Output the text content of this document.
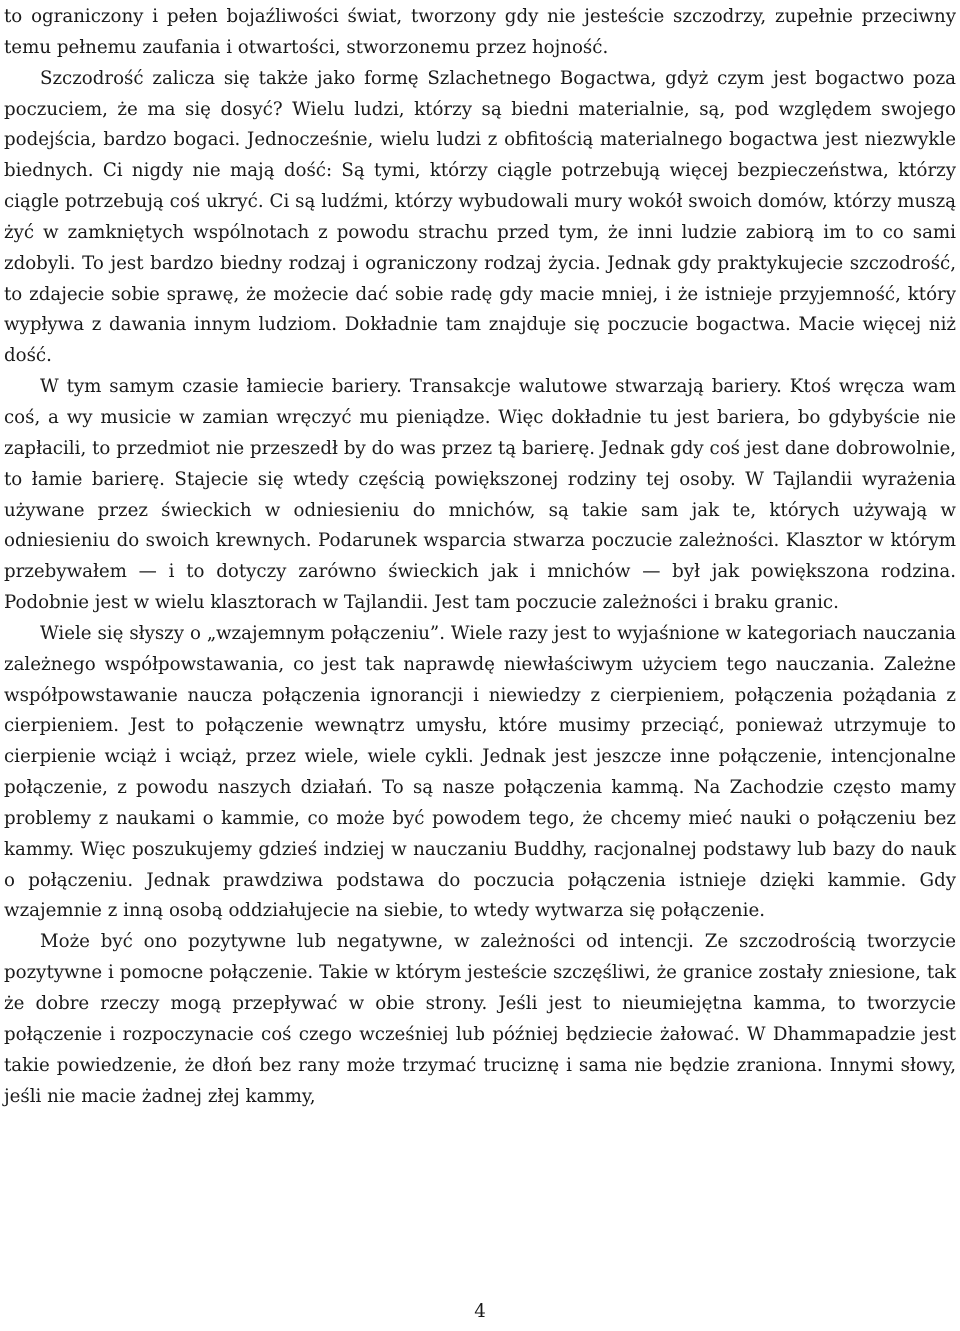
to ograniczony i pełen bojaźliwości świat, tworzony gdy nie jesteście szczodrzy, zupełnie przeciwny temu pełnemu zaufania i otwartości, stworzonemu przez hojność.

Szczodrość zalicza się także jako formę Szlachetnego Bogactwa, gdyż czym jest bogactwo poza poczuciem, że ma się dosyć? Wielu ludzi, którzy są biedni materialnie, są, pod względem swojego podejścia, bardzo bogaci. Jednocześnie, wielu ludzi z obfitością materialnego bogactwa jest niezwykle biednych. Ci nigdy nie mają dość: Są tymi, którzy ciągle potrzebują więcej bezpieczeństwa, którzy ciągle potrzebują coś ukryć. Ci są ludźmi, którzy wybudowali mury wokół swoich domów, którzy muszą żyć w zamkniętych wspólnotach z powodu strachu przed tym, że inni ludzie zabiorą im to co sami zdobyli. To jest bardzo biedny rodzaj i ograniczony rodzaj życia. Jednak gdy praktykujecie szczodrość, to zdajecie sobie sprawę, że możecie dać sobie radę gdy macie mniej, i że istnieje przyjemność, który wypływa z dawania innym ludziom. Dokładnie tam znajduje się poczucie bogactwa. Macie więcej niż dość.

W tym samym czasie łamiecie bariery. Transakcje walutowe stwarzają bariery. Ktoś wręcza wam coś, a wy musicie w zamian wręczyć mu pieniądze. Więc dokładnie tu jest bariera, bo gdybyście nie zapłacili, to przedmiot nie przeszedł by do was przez tą barierę. Jednak gdy coś jest dane dobrowolnie, to łamie barierę. Stajecie się wtedy częścią powiększonej rodziny tej osoby. W Tajlandii wyrażenia używane przez świeckich w odniesieniu do mnichów, są takie sam jak te, których używają w odniesieniu do swoich krewnych. Podarunek wsparcia stwarza poczucie zależności. Klasztor w którym przebywałem — i to dotyczy zarówno świeckich jak i mnichów — był jak powiększona rodzina. Podobnie jest w wielu klasztorach w Tajlandii. Jest tam poczucie zależności i braku granic.

Wiele się słyszy o „wzajemnym połączeniu”. Wiele razy jest to wyjaśnione w kategoriach nauczania zależnego współpowstawania, co jest tak naprawdę niewłaściwym użyciem tego nauczania. Zależne współpowstawanie naucza połączenia ignorancji i niewiedzy z cierpieniem, połączenia pożądania z cierpieniem. Jest to połączenie wewnątrz umysłu, które musimy przeciąć, ponieważ utrzymuje to cierpienie wciąż i wciąż, przez wiele, wiele cykli. Jednak jest jeszcze inne połączenie, intencjonalne połączenie, z powodu naszych działań. To są nasze połączenia kammą. Na Zachodzie często mamy problemy z naukami o kammie, co może być powodem tego, że chcemy mieć nauki o połączeniu bez kammy. Więc poszukujemy gdzieś indziej w nauczaniu Buddhy, racjonalnej podstawy lub bazy do nauk o połączeniu. Jednak prawdziwa podstawa do poczucia połączenia istnieje dzięki kammie. Gdy wzajemnie z inną osobą oddziałujecie na siebie, to wtedy wytwarza się połączenie.

Może być ono pozytywne lub negatywne, w zależności od intencji. Ze szczodrością tworzycie pozytywne i pomocne połączenie. Takie w którym jesteście szczęśliwi, że granice zostały zniesione, tak że dobre rzeczy mogą przepływać w obie strony. Jeśli jest to nieumiejętna kamma, to tworzycie połączenie i rozpoczynacie coś czego wcześniej lub później będziecie żałować. W Dhammapadzie jest takie powiedzenie, że dłoń bez rany może trzymać truciznę i sama nie będzie zraniona. Innymi słowy, jeśli nie macie żadnej złej kammy,

4
